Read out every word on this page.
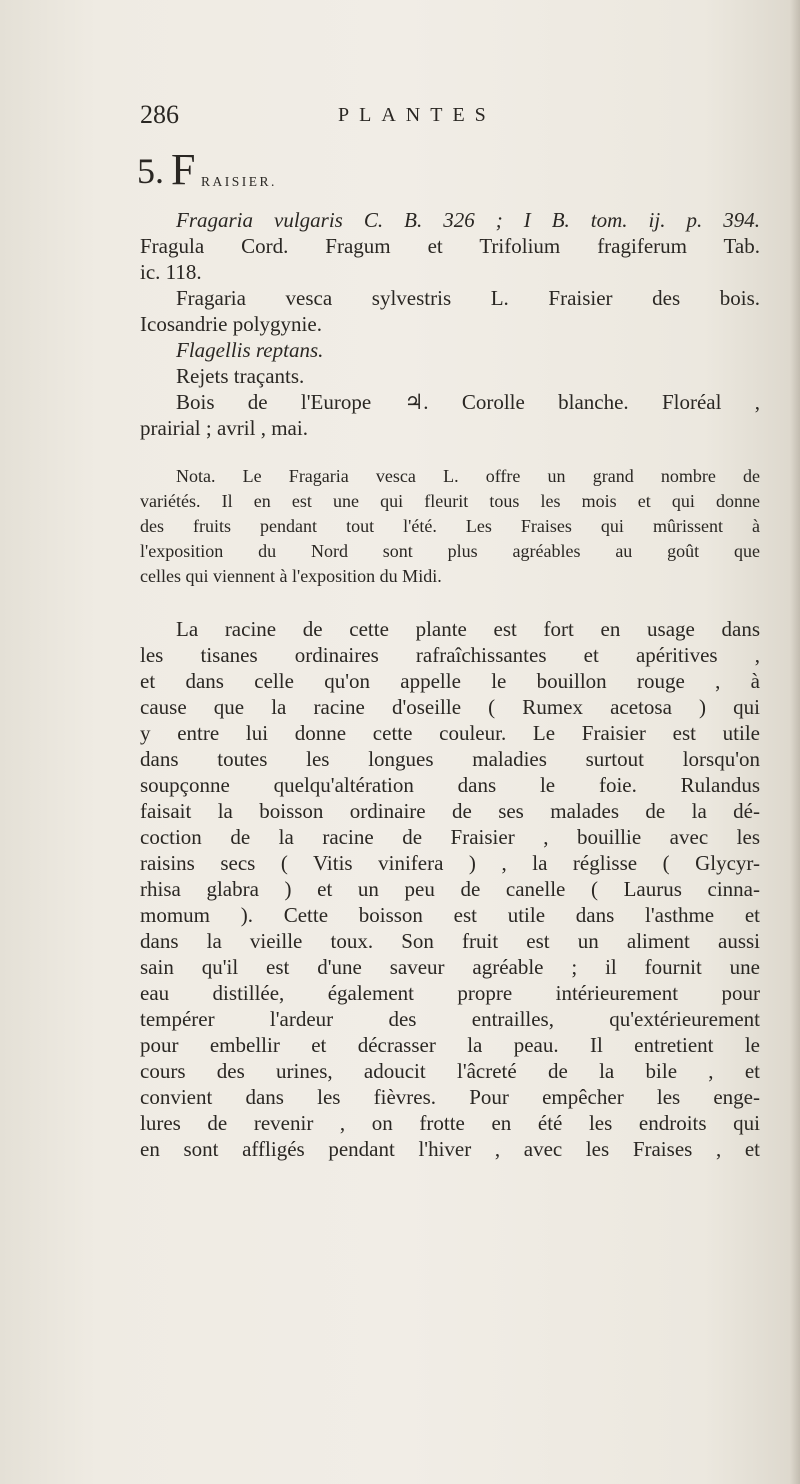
286	PLANTES
5. F RAISIER.
Fragaria vulgaris C. B. 326 ; I B. tom. ij. p. 394.
Fragula Cord. Fragum et Trifolium fragiferum Tab.
ic. 118.
Fragaria vesca sylvestris L. Fraisier des bois.
Icosandrie polygynie.
Flagellis reptans.
Rejets traçants.
Bois de l'Europe ♃. Corolle blanche. Floréal ,
prairial ; avril , mai.
Nota. Le Fragaria vesca L. offre un grand nombre de
variétés. Il en est une qui fleurit tous les mois et qui donne
des fruits pendant tout l'été. Les Fraises qui mûrissent à
l'exposition du Nord sont plus agréables au goût que
celles qui viennent à l'exposition du Midi.
La racine de cette plante est fort en usage dans
les tisanes ordinaires rafraîchissantes et apéritives ,
et dans celle qu'on appelle le bouillon rouge , à
cause que la racine d'oseille ( Rumex acetosa ) qui
y entre lui donne cette couleur. Le Fraisier est utile
dans toutes les longues maladies surtout lorsqu'on
soupçonne quelqu'altération dans le foie. Rulandus
faisait la boisson ordinaire de ses malades de la dé-
coction de la racine de Fraisier , bouillie avec les
raisins secs ( Vitis vinifera ) , la réglisse ( Glycyr-
rhisa glabra ) et un peu de canelle ( Laurus cinna-
momum ). Cette boisson est utile dans l'asthme et
dans la vieille toux. Son fruit est un aliment aussi
sain qu'il est d'une saveur agréable ; il fournit une
eau distillée, également propre intérieurement pour
tempérer l'ardeur des entrailles, qu'extérieurement
pour embellir et décrasser la peau. Il entretient le
cours des urines, adoucit l'âcreté de la bile , et
convient dans les fièvres. Pour empêcher les enge-
lures de revenir , on frotte en été les endroits qui
en sont affligés pendant l'hiver , avec les Fraises , et
